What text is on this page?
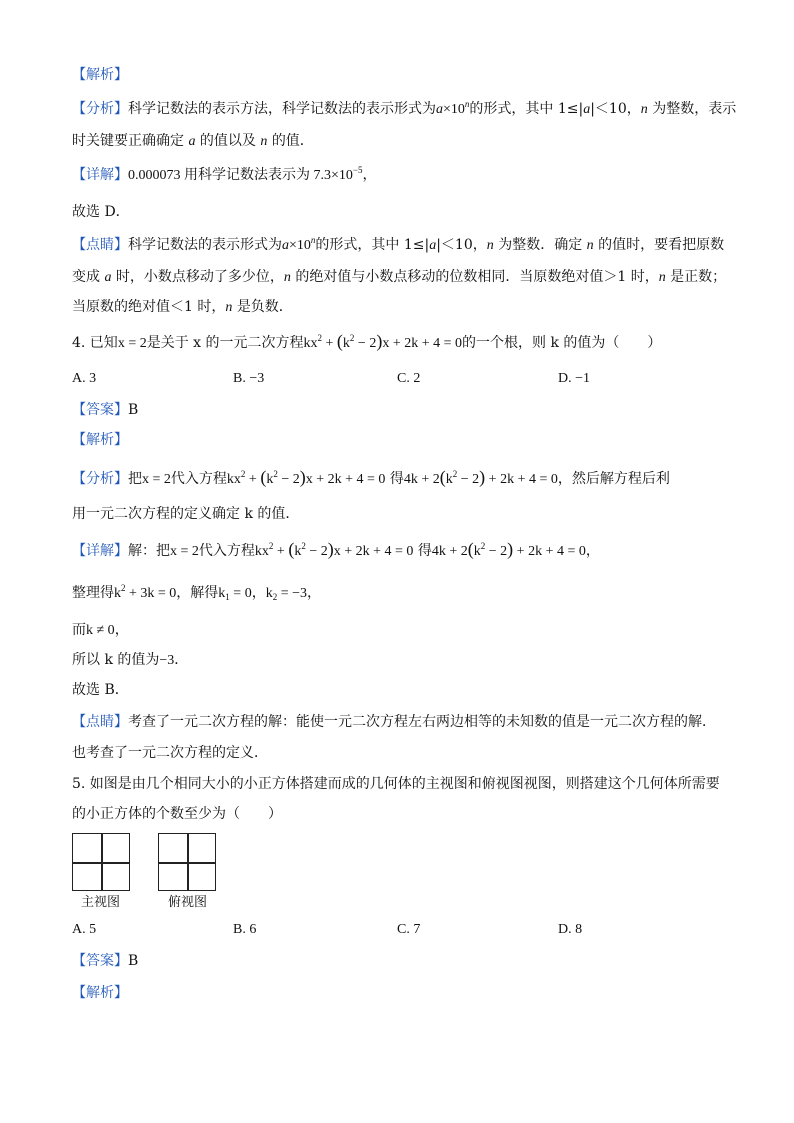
【解析】
【分析】科学记数法的表示方法，科学记数法的表示形式为$a\times 10^n$的形式，其中 1≤|a|＜10，n 为整数，表示
时关键要正确确定 a 的值以及 n 的值．
【详解】0.000073 用科学记数法表示为 $7.3\times 10^{-5}$，
故选 D．
【点睛】科学记数法的表示形式为$a\times 10^n$的形式，其中 1≤|a|＜10，n 为整数．确定 n 的值时，要看把原数
变成 a 时，小数点移动了多少位，n 的绝对值与小数点移动的位数相同．当原数绝对值＞1 时，n 是正数；
当原数的绝对值＜1 时，n 是负数．
4. 已知x = 2是关于 x 的一元二次方程$kx^2 + (k^2 - 2)x + 2k + 4 = 0$的一个根，则 k 的值为（　　）
A. 3	B. −3	C. 2	D. −1
【答案】B
【解析】
【分析】把x = 2代入方程$kx^2 + (k^2 - 2)x + 2k + 4 = 0$ 得$4k + 2(k^2 - 2) + 2k + 4 = 0$，然后解方程后利
用一元二次方程的定义确定 k 的值．
【详解】解：把x = 2代入方程$kx^2 + (k^2 - 2)x + 2k + 4 = 0$ 得$4k + 2(k^2 - 2) + 2k + 4 = 0$，
整理得$k^2 + 3k = 0$，解得$k_1 = 0$，$k_2 = -3$，
而k ≠ 0，
所以 k 的值为−3．
故选 B．
【点睛】考查了一元二次方程的解：能使一元二次方程左右两边相等的未知数的值是一元二次方程的解．
也考查了一元二次方程的定义．
5. 如图是由几个相同大小的小正方体搭建而成的几何体的主视图和俯视图视图，则搭建这个几何体所需要
的小正方体的个数至少为（　　）
主视图	俯视图
A. 5	B. 6	C. 7	D. 8
【答案】B
【解析】
